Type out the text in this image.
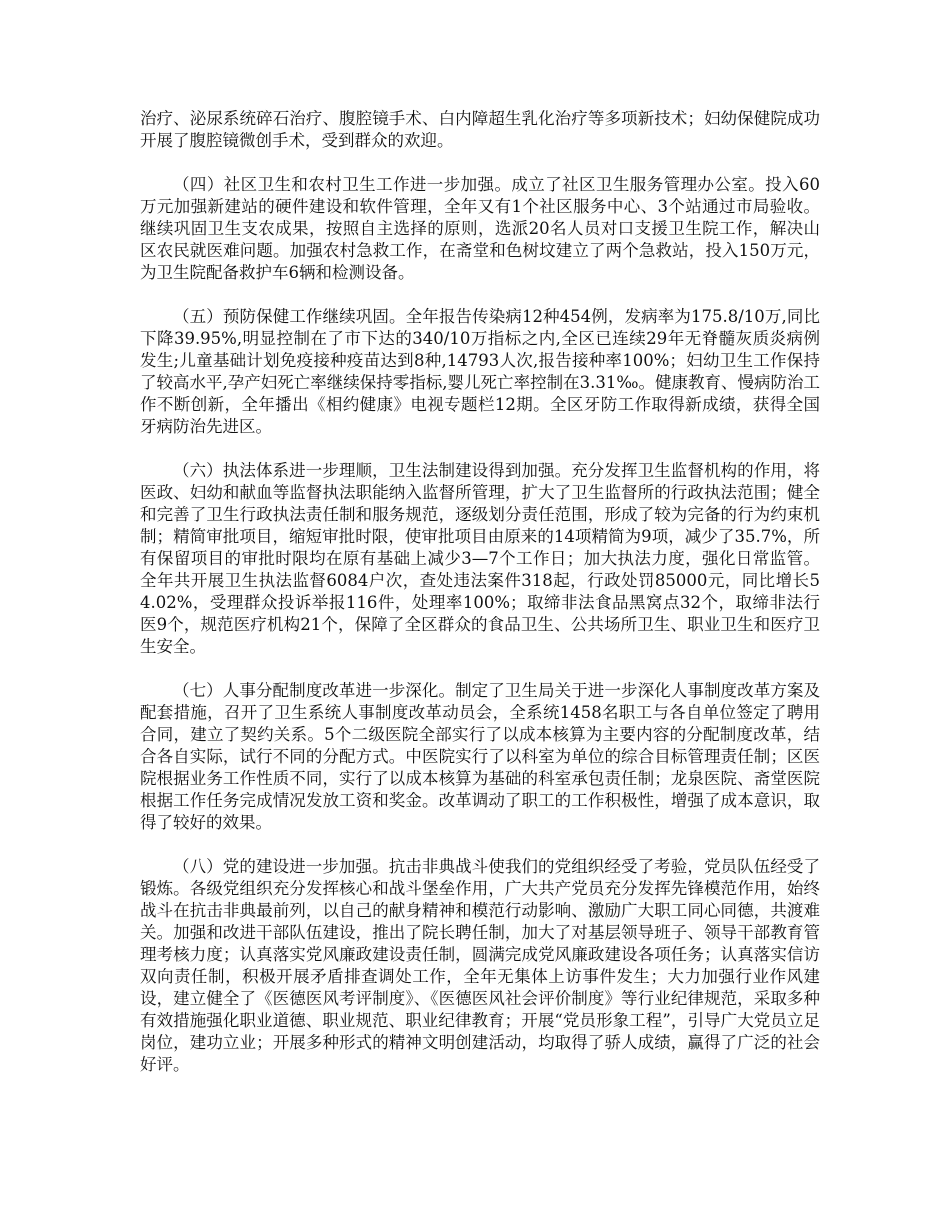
治疗、泌尿系统碎石治疗、腹腔镜手术、白内障超生乳化治疗等多项新技术；妇幼保健院成功开展了腹腔镜微创手术，受到群众的欢迎。

（四）社区卫生和农村卫生工作进一步加强。成立了社区卫生服务管理办公室。投入60万元加强新建站的硬件建设和软件管理，全年又有1个社区服务中心、3个站通过市局验收。继续巩固卫生支农成果，按照自主选择的原则，选派20名人员对口支援卫生院工作，解决山区农民就医难问题。加强农村急救工作，在斋堂和色树坟建立了两个急救站，投入150万元，为卫生院配备救护车6辆和检测设备。

（五）预防保健工作继续巩固。全年报告传染病12种454例，发病率为175.8/10万,同比下降39.95%,明显控制在了市下达的340/10万指标之内,全区已连续29年无脊髓灰质炎病例发生;儿童基础计划免疫接种疫苗达到8种,14793人次,报告接种率100%；妇幼卫生工作保持了较高水平,孕产妇死亡率继续保持零指标,婴儿死亡率控制在3.31‰。健康教育、慢病防治工作不断创新，全年播出《相约健康》电视专题栏12期。全区牙防工作取得新成绩，获得全国牙病防治先进区。

（六）执法体系进一步理顺，卫生法制建设得到加强。充分发挥卫生监督机构的作用，将医政、妇幼和献血等监督执法职能纳入监督所管理，扩大了卫生监督所的行政执法范围；健全和完善了卫生行政执法责任制和服务规范，逐级划分责任范围，形成了较为完备的行为约束机制；精简审批项目，缩短审批时限，使审批项目由原来的14项精简为9项，减少了35.7%，所有保留项目的审批时限均在原有基础上减少3—7个工作日；加大执法力度，强化日常监管。全年共开展卫生执法监督6084户次，查处违法案件318起，行政处罚85000元，同比增长54.02%，受理群众投诉举报116件，处理率100%；取缔非法食品黑窝点32个，取缔非法行医9个，规范医疗机构21个，保障了全区群众的食品卫生、公共场所卫生、职业卫生和医疗卫生安全。

（七）人事分配制度改革进一步深化。制定了卫生局关于进一步深化人事制度改革方案及配套措施，召开了卫生系统人事制度改革动员会，全系统1458名职工与各自单位签定了聘用合同，建立了契约关系。5个二级医院全部实行了以成本核算为主要内容的分配制度改革，结合各自实际，试行不同的分配方式。中医院实行了以科室为单位的综合目标管理责任制；区医院根据业务工作性质不同，实行了以成本核算为基础的科室承包责任制；龙泉医院、斋堂医院根据工作任务完成情况发放工资和奖金。改革调动了职工的工作积极性，增强了成本意识，取得了较好的效果。

（八）党的建设进一步加强。抗击非典战斗使我们的党组织经受了考验，党员队伍经受了锻炼。各级党组织充分发挥核心和战斗堡垒作用，广大共产党员充分发挥先锋模范作用，始终战斗在抗击非典最前列，以自己的献身精神和模范行动影响、激励广大职工同心同德，共渡难关。加强和改进干部队伍建设，推出了院长聘任制，加大了对基层领导班子、领导干部教育管理考核力度；认真落实党风廉政建设责任制，圆满完成党风廉政建设各项任务；认真落实信访双向责任制，积极开展矛盾排查调处工作，全年无集体上访事件发生；大力加强行业作风建设，建立健全了《医德医风考评制度》、《医德医风社会评价制度》等行业纪律规范，采取多种有效措施强化职业道德、职业规范、职业纪律教育；开展“党员形象工程”，引导广大党员立足岗位，建功立业；开展多种形式的精神文明创建活动，均取得了骄人成绩，赢得了广泛的社会好评。
